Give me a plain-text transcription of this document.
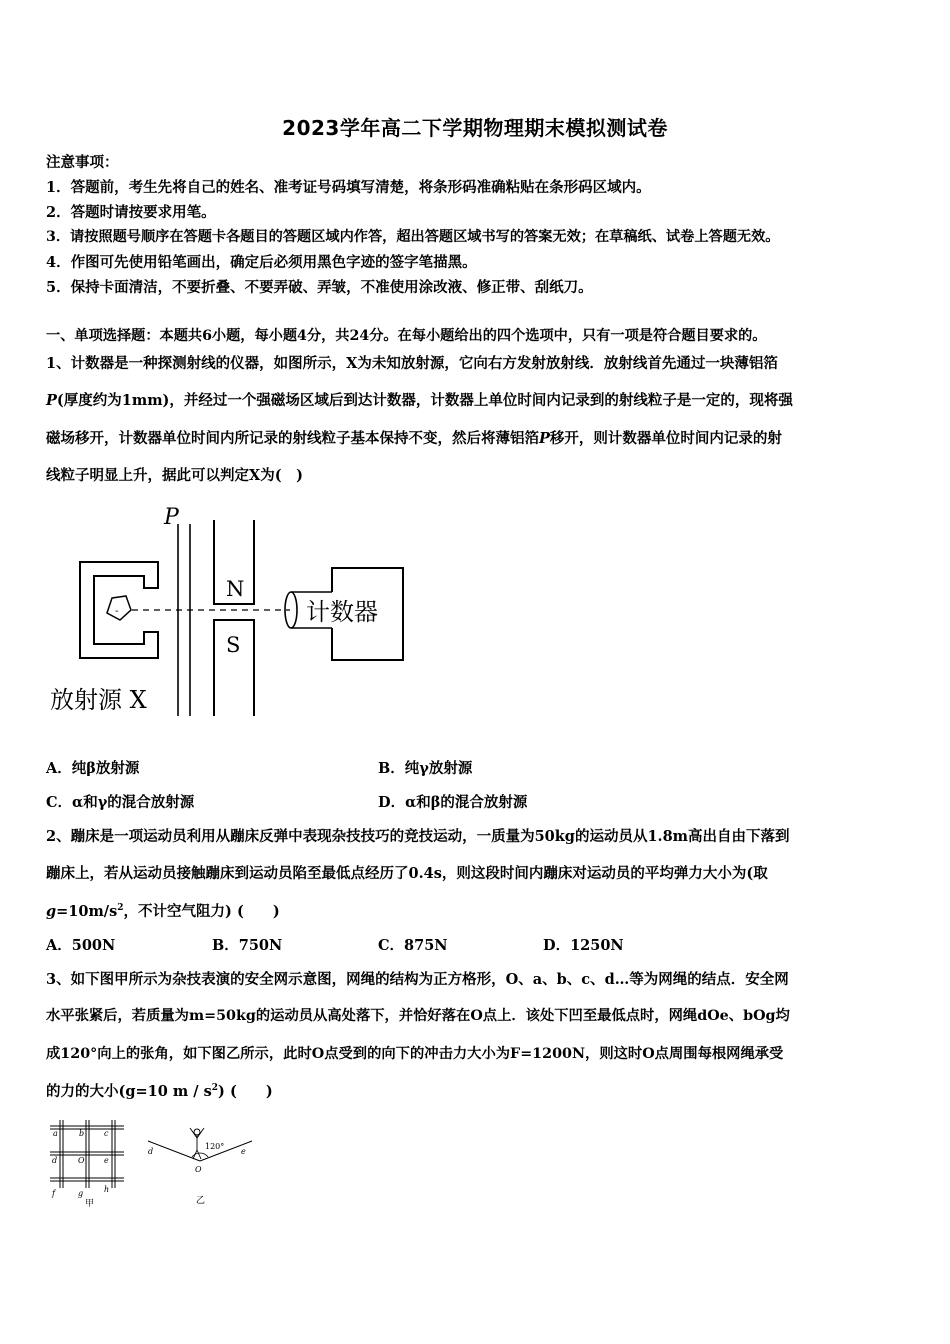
2023学年高二下学期物理期末模拟测试卷
注意事项：
1．答题前，考生先将自己的姓名、准考证号码填写清楚，将条形码准确粘贴在条形码区域内。
2．答题时请按要求用笔。
3．请按照题号顺序在答题卡各题目的答题区域内作答，超出答题区域书写的答案无效；在草稿纸、试卷上答题无效。
4．作图可先使用铅笔画出，确定后必须用黑色字迹的签字笔描黑。
5．保持卡面清洁，不要折叠、不要弄破、弄皱，不准使用涂改液、修正带、刮纸刀。
一、单项选择题：本题共6小题，每小题4分，共24分。在每小题给出的四个选项中，只有一项是符合题目要求的。
1、计数器是一种探测射线的仪器，如图所示，X为未知放射源，它向右方发射放射线．放射线首先通过一块薄铝箔
P(厚度约为1mm)，并经过一个强磁场区域后到达计数器，计数器上单位时间内记录到的射线粒子是一定的，现将强
磁场移开，计数器单位时间内所记录的射线粒子基本保持不变，然后将薄铝箔P移开，则计数器单位时间内记录的射
线粒子明显上升，据此可以判定X为(　)
-
P
N
S
计数器
放射源 X
A．纯β放射源	B．纯γ放射源
C．α和γ的混合放射源	D．α和β的混合放射源
2、蹦床是一项运动员利用从蹦床反弹中表现杂技技巧的竞技运动，一质量为50kg的运动员从1.8m高出自由下落到
蹦床上，若从运动员接触蹦床到运动员陷至最低点经历了0.4s，则这段时间内蹦床对运动员的平均弹力大小为(取
$g=10m/s^2$，不计空气阻力) (　　)
A．500N	B．750N	C．875N	D．1250N
3、如下图甲所示为杂技表演的安全网示意图，网绳的结构为正方格形，O、a、b、c、d…等为网绳的结点．安全网
水平张紧后，若质量为m=50kg的运动员从高处落下，并恰好落在O点上．该处下凹至最低点时，网绳dOe、bOg均
成120°向上的张角，如下图乙所示，此时O点受到的向下的冲击力大小为F=1200N，则这时O点周围每根网绳承受
的力的大小(g=10 m / $s^2$) (　　)
a	b c
d	O e
f	g	h
甲
120°
d	e
O
乙
